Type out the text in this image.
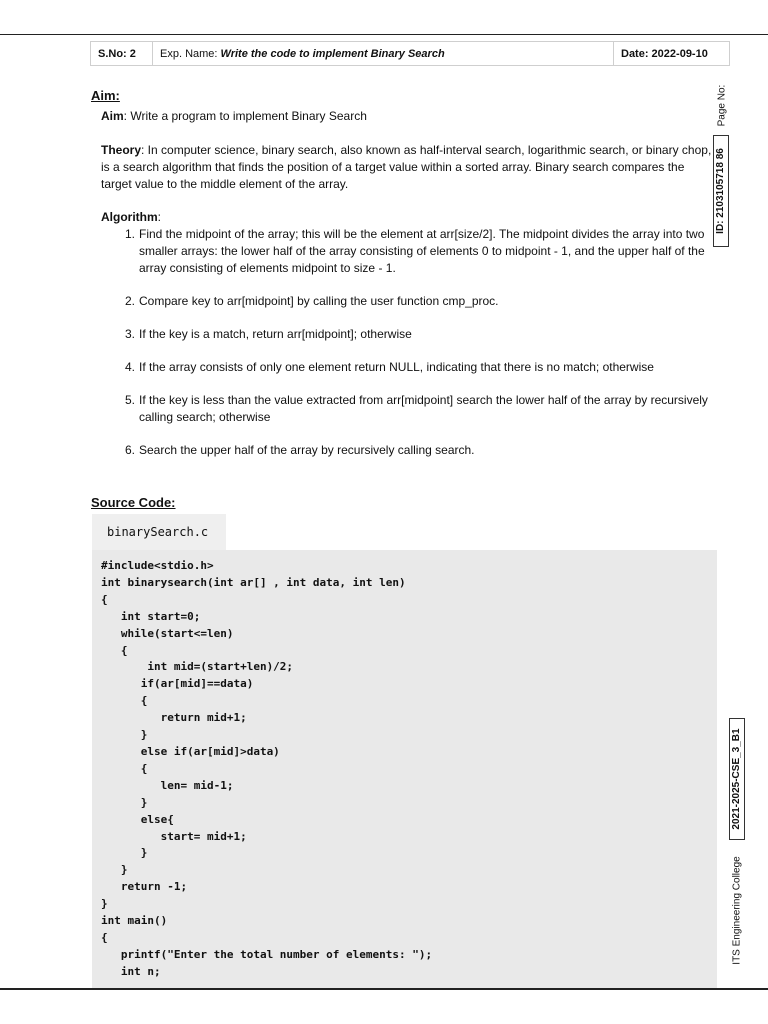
S.No: 2	Exp. Name: Write the code to implement Binary Search	Date: 2022-09-10
Aim:
Aim: Write a program to implement Binary Search
Theory: In computer science, binary search, also known as half-interval search, logarithmic search, or binary chop, is a search algorithm that finds the position of a target value within a sorted array. Binary search compares the target value to the middle element of the array.
Algorithm:
1. Find the midpoint of the array; this will be the element at arr[size/2]. The midpoint divides the array into two smaller arrays: the lower half of the array consisting of elements 0 to midpoint - 1, and the upper half of the array consisting of elements midpoint to size - 1.
2. Compare key to arr[midpoint] by calling the user function cmp_proc.
3. If the key is a match, return arr[midpoint]; otherwise
4. If the array consists of only one element return NULL, indicating that there is no match; otherwise
5. If the key is less than the value extracted from arr[midpoint] search the lower half of the array by recursively calling search; otherwise
6. Search the upper half of the array by recursively calling search.
Source Code:
binarySearch.c
#include<stdio.h>
int binarysearch(int ar[] , int data, int len)
{
int start=0;
while(start<=len)
{
int mid=(start+len)/2;
if(ar[mid]==data)
{
return mid+1;
}
else if(ar[mid]>data)
{
len= mid-1;
}
else{
start= mid+1;
}
}
return -1;
}
int main()
{
printf("Enter the total number of elements: ");
int n;
Page No:
ID: 2103105718 86
2021-2025-CSE_3_B1
ITS Engineering College
